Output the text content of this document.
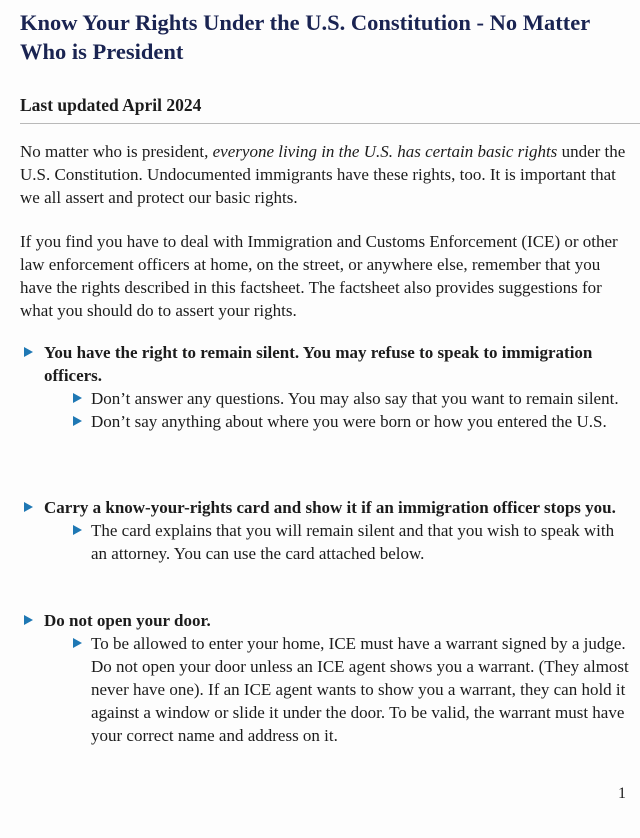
Know Your Rights Under the U.S. Constitution - No Matter Who is President
Last updated April 2024
No matter who is president, everyone living in the U.S. has certain basic rights under the U.S. Constitution. Undocumented immigrants have these rights, too. It is important that we all assert and protect our basic rights.
If you find you have to deal with Immigration and Customs Enforcement (ICE) or other law enforcement officers at home, on the street, or anywhere else, remember that you have the rights described in this factsheet. The factsheet also provides suggestions for what you should do to assert your rights.
You have the right to remain silent. You may refuse to speak to immigration officers.
Don’t answer any questions. You may also say that you want to remain silent.
Don’t say anything about where you were born or how you entered the U.S.
Carry a know-your-rights card and show it if an immigration officer stops you.
The card explains that you will remain silent and that you wish to speak with an attorney. You can use the card attached below.
Do not open your door.
To be allowed to enter your home, ICE must have a warrant signed by a judge. Do not open your door unless an ICE agent shows you a warrant. (They almost never have one). If an ICE agent wants to show you a warrant, they can hold it against a window or slide it under the door. To be valid, the warrant must have your correct name and address on it.
1
